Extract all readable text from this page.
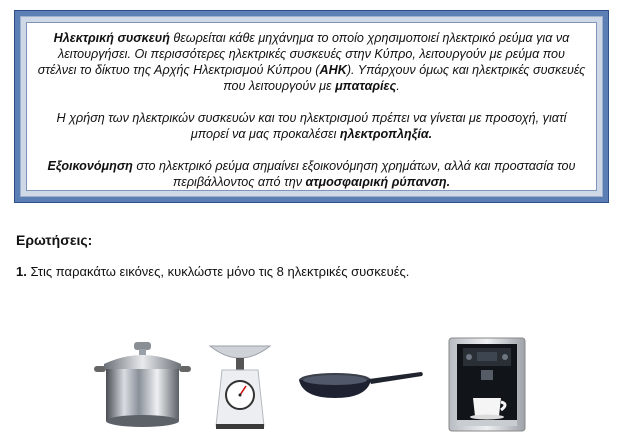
Ηλεκτρική συσκευή θεωρείται κάθε μηχάνημα το οποίο χρησιμοποιεί ηλεκτρικό ρεύμα για να λειτουργήσει. Οι περισσότερες ηλεκτρικές συσκευές στην Κύπρο, λειτουργούν με ρεύμα που στέλνει το δίκτυο της Αρχής Ηλεκτρισμού Κύπρου (ΑΗΚ). Υπάρχουν όμως και ηλεκτρικές συσκευές που λειτουργούν με μπαταρίες.

Η χρήση των ηλεκτρικών συσκευών και του ηλεκτρισμού πρέπει να γίνεται με προσοχή, γιατί μπορεί να μας προκαλέσει ηλεκτροπληξία.

Εξοικονόμηση στο ηλεκτρικό ρεύμα σημαίνει εξοικονόμηση χρημάτων, αλλά και προστασία του περιβάλλοντος από την ατμοσφαιρική ρύπανση.

Ερωτήσεις:

1. Στις παρακάτω εικόνες, κυκλώστε μόνο τις 8 ηλεκτρικές συσκευές.
